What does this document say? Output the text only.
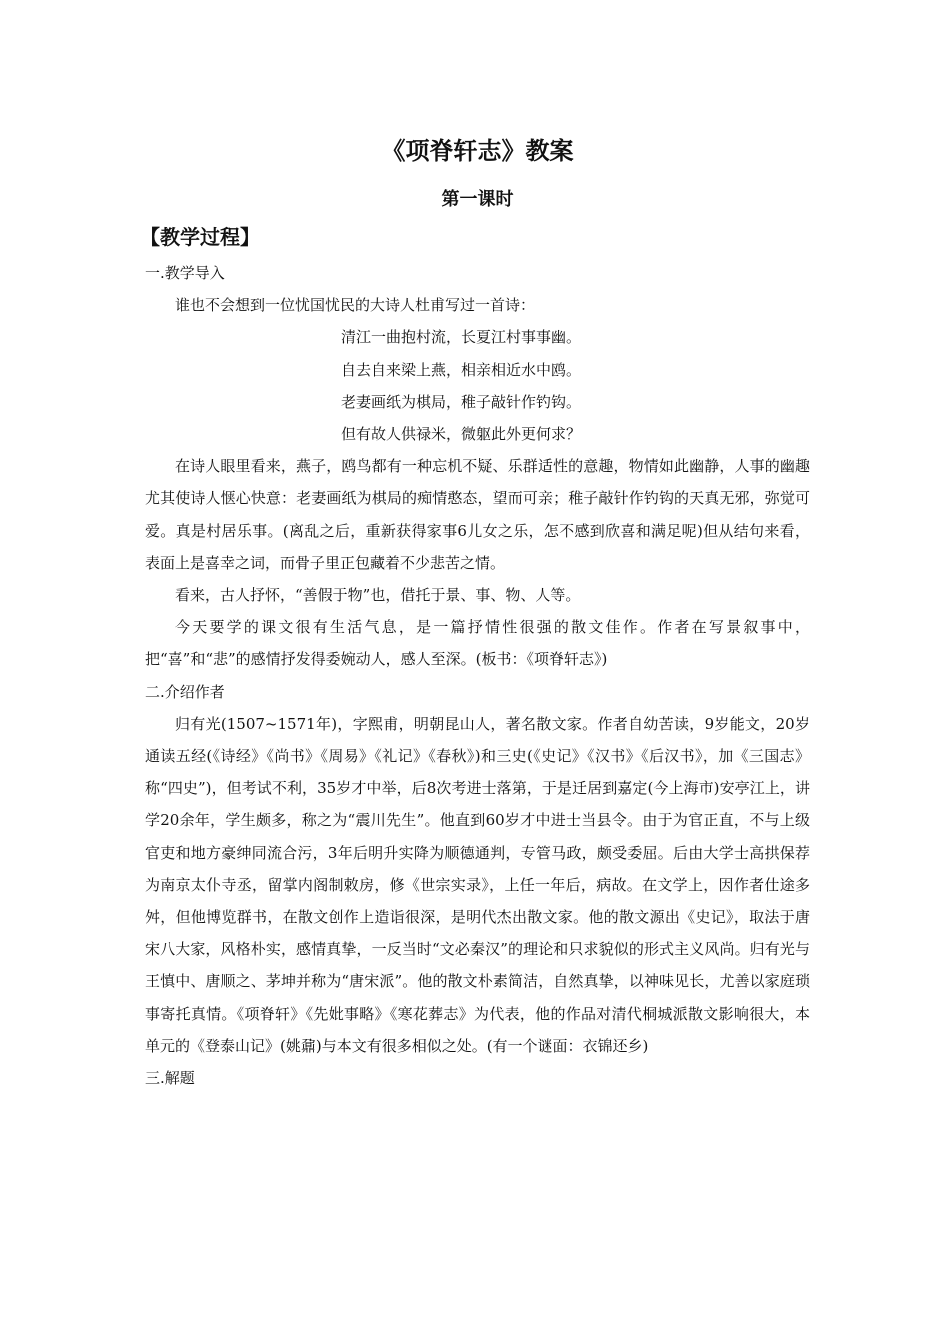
《项脊轩志》教案
第一课时
【教学过程】

一.教学导入

谁也不会想到一位忧国忧民的大诗人杜甫写过一首诗：

清江一曲抱村流，长夏江村事事幽。

自去自来梁上燕，相亲相近水中鸥。

老妻画纸为棋局，稚子敲针作钓钩。

但有故人供禄米，微躯此外更何求？

在诗人眼里看来，燕子，鸥鸟都有一种忘机不疑、乐群适性的意趣，物情如此幽静，人事的幽趣尤其使诗人惬心快意：老妻画纸为棋局的痴情憨态，望而可亲；稚子敲针作钓钩的天真无邪，弥觉可爱。真是村居乐事。(离乱之后，重新获得家事6儿女之乐，怎不感到欣喜和满足呢)但从结句来看，表面上是喜幸之词，而骨子里正包藏着不少悲苦之情。

看来，古人抒怀，“善假于物”也，借托于景、事、物、人等。

今天要学的课文很有生活气息，是一篇抒情性很强的散文佳作。作者在写景叙事中，把“喜”和“悲”的感情抒发得委婉动人，感人至深。(板书：《项脊轩志》)

二.介绍作者

归有光(1507~1571年)，字熙甫，明朝昆山人，著名散文家。作者自幼苦读，9岁能文，20岁通读五经(《诗经》《尚书》《周易》《礼记》《春秋》)和三史(《史记》《汉书》《后汉书》，加《三国志》称“四史”)，但考试不利，35岁才中举，后8次考进士落第，于是迁居到嘉定(今上海市)安亭江上，讲学20余年，学生颇多，称之为“震川先生”。他直到60岁才中进士当县令。由于为官正直，不与上级官吏和地方豪绅同流合污，3年后明升实降为顺德通判，专管马政，颇受委屈。后由大学士高拱保荐为南京太仆寺丞，留掌内阁制敕房，修《世宗实录》，上任一年后，病故。在文学上，因作者仕途多舛，但他博览群书，在散文创作上造诣很深，是明代杰出散文家。他的散文源出《史记》，取法于唐宋八大家，风格朴实，感情真挚，一反当时“文必秦汉”的理论和只求貌似的形式主义风尚。归有光与王慎中、唐顺之、茅坤并称为“唐宋派”。他的散文朴素简洁，自然真挚，以神味见长，尤善以家庭琐事寄托真情。《项脊轩》《先妣事略》《寒花葬志》为代表，他的作品对清代桐城派散文影响很大，本单元的《登泰山记》(姚鼐)与本文有很多相似之处。(有一个谜面：衣锦还乡)

三.解题
